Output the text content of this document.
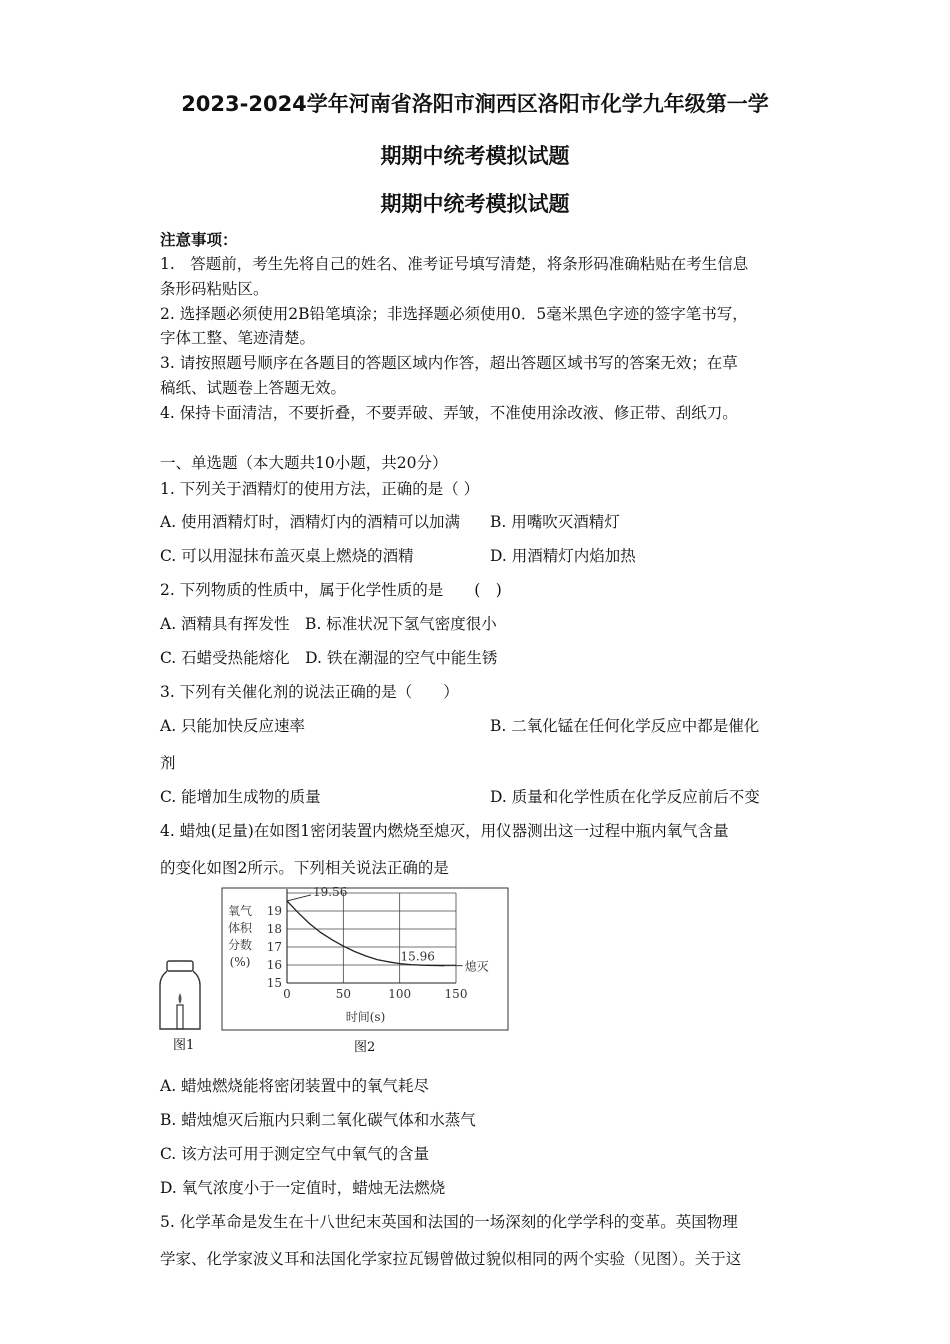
2023-2024学年河南省洛阳市涧西区洛阳市化学九年级第一学
期期中统考模拟试题
期期中统考模拟试题
注意事项：
1.　答题前，考生先将自己的姓名、准考证号填写清楚，将条形码准确粘贴在考生信息
条形码粘贴区。
2. 选择题必须使用2B铅笔填涂；非选择题必须使用0．5毫米黑色字迹的签字笔书写，
字体工整、笔迹清楚。
3. 请按照题号顺序在各题目的答题区域内作答，超出答题区域书写的答案无效；在草
稿纸、试题卷上答题无效。
4. 保持卡面清洁，不要折叠，不要弄破、弄皱，不准使用涂改液、修正带、刮纸刀。
一、单选题（本大题共10小题，共20分）
1. 下列关于酒精灯的使用方法，正确的是（ ）
A. 使用酒精灯时，酒精灯内的酒精可以加满 B. 用嘴吹灭酒精灯
C. 可以用湿抹布盖灭桌上燃烧的酒精	D. 用酒精灯内焰加热
2. 下列物质的性质中，属于化学性质的是　　(　)
A. 酒精具有挥发性　B. 标准状况下氢气密度很小
C. 石蜡受热能熔化　D. 铁在潮湿的空气中能生锈
3. 下列有关催化剂的说法正确的是（　　）
A. 只能加快反应速率	B. 二氧化锰在任何化学反应中都是催化
剂
C. 能增加生成物的质量	D. 质量和化学性质在化学反应前后不变
4. 蜡烛(足量)在如图1密闭装置内燃烧至熄灭，用仪器测出这一过程中瓶内氧气含量
的变化如图2所示。下列相关说法正确的是
图1
15
16
17
18
19
0	50	100	150
时间(s)
氧气
体积
分数
(%)
19.56
15.96
熄灭
图2
A. 蜡烛燃烧能将密闭装置中的氧气耗尽
B. 蜡烛熄灭后瓶内只剩二氧化碳气体和水蒸气
C. 该方法可用于测定空气中氧气的含量
D. 氧气浓度小于一定值时，蜡烛无法燃烧
5. 化学革命是发生在十八世纪末英国和法国的一场深刻的化学学科的变革。英国物理
学家、化学家波义耳和法国化学家拉瓦锡曾做过貌似相同的两个实验（见图）。关于这
